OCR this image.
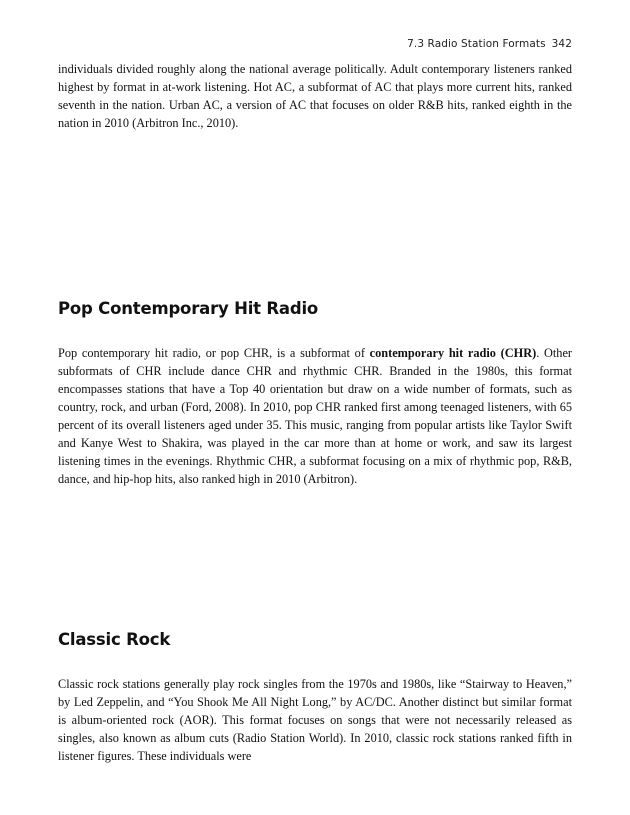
7.3 Radio Station Formats 342

individuals divided roughly along the national average politically. Adult contemporary listeners ranked highest by format in at-work listening. Hot AC, a subformat of AC that plays more current hits, ranked seventh in the nation. Urban AC, a version of AC that focuses on older R&B hits, ranked eighth in the nation in 2010 (Arbitron Inc., 2010).

Pop Contemporary Hit Radio

Pop contemporary hit radio, or pop CHR, is a subformat of contemporary hit radio (CHR). Other subformats of CHR include dance CHR and rhythmic CHR. Branded in the 1980s, this format encompasses stations that have a Top 40 orientation but draw on a wide number of formats, such as country, rock, and urban (Ford, 2008). In 2010, pop CHR ranked first among teenaged listeners, with 65 percent of its overall listeners aged under 35. This music, ranging from popular artists like Taylor Swift and Kanye West to Shakira, was played in the car more than at home or work, and saw its largest listening times in the evenings. Rhythmic CHR, a subformat focusing on a mix of rhythmic pop, R&B, dance, and hip-hop hits, also ranked high in 2010 (Arbitron).

Classic Rock

Classic rock stations generally play rock singles from the 1970s and 1980s, like “Stairway to Heaven,” by Led Zeppelin, and “You Shook Me All Night Long,” by AC/DC. Another distinct but similar format is album-oriented rock (AOR). This format focuses on songs that were not necessarily released as singles, also known as album cuts (Radio Station World). In 2010, classic rock stations ranked fifth in listener figures. These individuals were
